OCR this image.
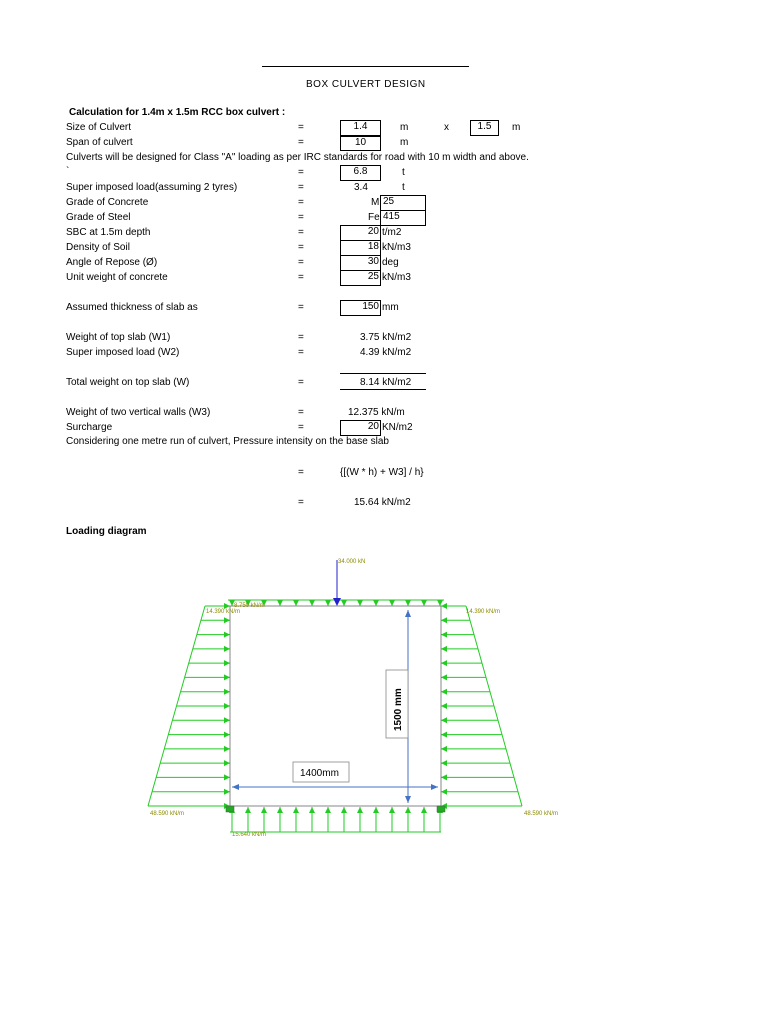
BOX CULVERT DESIGN
Calculation for 1.4m x 1.5m RCC box culvert :
Size of Culvert	=	1.4	m	x	1.5	m
Span of culvert	=	10	m
Culverts will be designed for Class "A" loading as per IRC standards for road with 10 m width and above.
`	=	6.8	t
Super imposed load(assuming 2 tyres)	=	3.4	t
Grade of Concrete	=	M 25
Grade of Steel	=	Fe 415
SBC at 1.5m depth	=	20 t/m2
Density of Soil	=	18 kN/m3
Angle of Repose (Ø)	=	30 deg
Unit weight of concrete	=	25 kN/m3
Assumed thickness of slab as	=	150 mm
Weight of top slab (W1)	=	3.75 kN/m2
Super imposed load (W2)	=	4.39 kN/m2
Total weight on top slab (W)	=	8.14 kN/m2
Weight of two vertical walls (W3)	=	12.375 kN/m
Surcharge	=	20 KN/m2
Considering one metre run of culvert, Pressure intensity on the base slab
=	{[(W * h) + W3] / h}
=	15.64 kN/m2
Loading diagram
1400mm
1500 mm
34.000 kN
8.750 kN/m
14.390 kN/m	14.390 kN/m
48.590 kN/m	48.590 kN/m
15.640 kN/m
